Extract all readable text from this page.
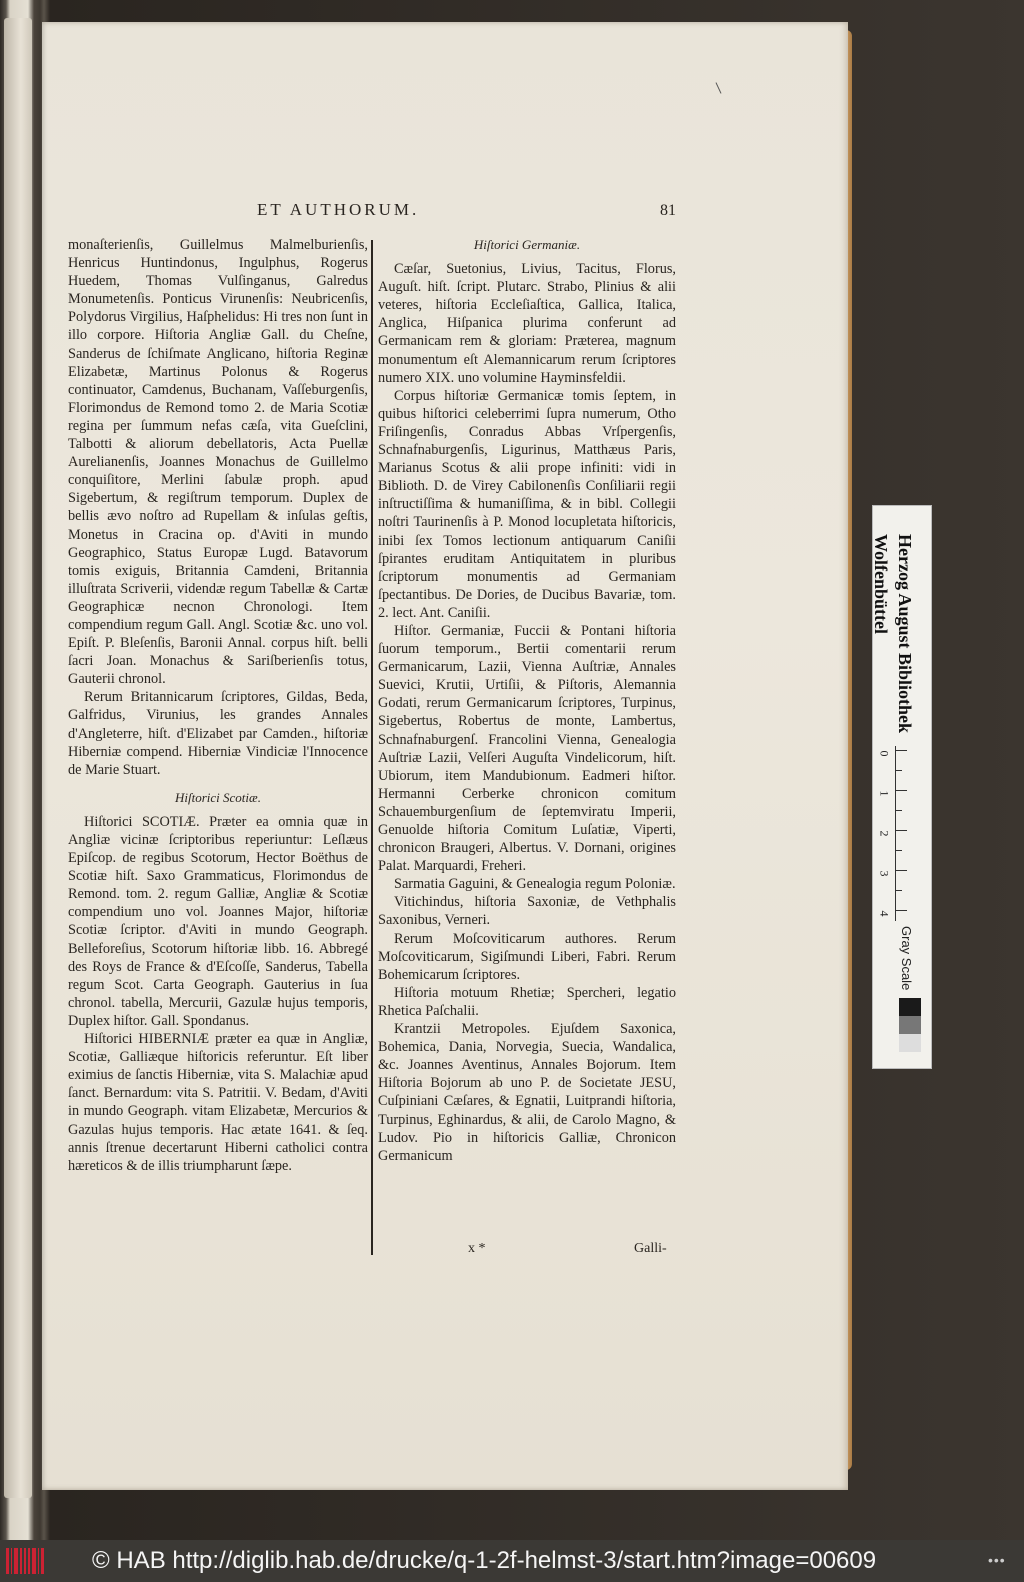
ET AUTHORUM.	81

monaſterienſis, Guillelmus Malmelburienſis, Henricus Huntindonus, Ingulphus, Rogerus Huedem, Thomas Vulſinganus, Galredus Monumetenſis. Ponticus Virunenſis: Neubricenſis, Polydorus Virgilius, Haſphelidus: Hi tres non ſunt in illo corpore. Hiſtoria Angliæ Gall. du Cheſne, Sanderus de ſchiſmate Anglicano, hiſtoria Reginæ Elizabetæ, Martinus Polonus & Rogerus continuator, Camdenus, Buchanam, Vaſſeburgenſis, Florimondus de Remond tomo 2. de Maria Scotiæ regina per ſummum nefas cæſa, vita Gueſclini, Talbotti & aliorum debellatoris, Acta Puellæ Aurelianenſis, Joannes Monachus de Guillelmo conquiſitore, Merlini ſabulæ proph. apud Sigebertum, & regiſtrum temporum. Duplex de bellis ævo noſtro ad Rupellam & inſulas geſtis, Monetus in Cracina op. d'Aviti in mundo Geographico, Status Europæ Lugd. Batavorum tomis exiguis, Britannia Camdeni, Britannia illuſtrata Scriverii, videndæ regum Tabellæ & Cartæ Geographicæ necnon Chronologi. Item compendium regum Gall. Angl. Scotiæ &c. uno vol. Epiſt. P. Bleſenſis, Baronii Annal. corpus hiſt. belli ſacri Joan. Monachus & Sariſberienſis totus, Gauterii chronol.

Rerum Britannicarum ſcriptores, Gildas, Beda, Galfridus, Virunius, les grandes Annales d'Angleterre, hiſt. d'Elizabet par Camden., hiſtoriæ Hiberniæ compend. Hiberniæ Vindiciæ l'Innocence de Marie Stuart.

Hiſtorici Scotiæ.

Hiſtorici SCOTIÆ. Præter ea omnia quæ in Angliæ vicinæ ſcriptoribus reperiuntur: Leſlæus Epiſcop. de regibus Scotorum, Hector Boëthus de Scotiæ hiſt. Saxo Grammaticus, Florimondus de Remond. tom. 2. regum Galliæ, Angliæ & Scotiæ compendium uno vol. Joannes Major, hiſtoriæ Scotiæ ſcriptor. d'Aviti in mundo Geograph. Belleforeſius, Scotorum hiſtoriæ libb. 16. Abbregé des Roys de France & d'Eſcoſſe, Sanderus, Tabella regum Scot. Carta Geograph. Gauterius in ſua chronol. tabella, Mercurii, Gazulæ hujus temporis, Duplex hiſtor. Gall. Spondanus.

Hiſtorici HIBERNIÆ præter ea quæ in Angliæ, Scotiæ, Galliæque hiſtoricis referuntur. Eſt liber eximius de ſanctis Hiberniæ, vita S. Malachiæ apud ſanct. Bernardum: vita S. Patritii. V. Bedam, d'Aviti in mundo Geograph. vitam Elizabetæ, Mercurios & Gazulas hujus temporis. Hac ætate 1641. & ſeq. annis ſtrenue decertarunt Hiberni catholici contra hæreticos & de illis triumpharunt ſæpe.

Hiſtorici Germaniæ.

Cæſar, Suetonius, Livius, Tacitus, Florus, Auguſt. hiſt. ſcript. Plutarc. Strabo, Plinius & alii veteres, hiſtoria Eccleſiaſtica, Gallica, Italica, Anglica, Hiſpanica plurima conferunt ad Germanicam rem & gloriam: Præterea, magnum monumentum eſt Alemannicarum rerum ſcriptores numero XIX. uno volumine Hayminsfeldii.

Corpus hiſtoriæ Germanicæ tomis ſeptem, in quibus hiſtorici celeberrimi ſupra numerum, Otho Friſingenſis, Conradus Abbas Vrſpergenſis, Schnafnaburgenſis, Ligurinus, Matthæus Paris, Marianus Scotus & alii prope infiniti: vidi in Biblioth. D. de Virey Cabilonenſis Conſiliarii regii inſtructiſſima & humaniſſima, & in bibl. Collegii noſtri Taurinenſis à P. Monod locupletata hiſtoricis, inibi ſex Tomos lectionum antiquarum Caniſii ſpirantes eruditam Antiquitatem in pluribus ſcriptorum monumentis ad Germaniam ſpectantibus. De Dories, de Ducibus Bavariæ, tom. 2. lect. Ant. Caniſii.

Hiſtor. Germaniæ, Fuccii & Pontani hiſtoria ſuorum temporum., Bertii comentarii rerum Germanicarum, Lazii, Vienna Auſtriæ, Annales Suevici, Krutii, Urtiſii, & Piſtoris, Alemannia Godati, rerum Germanicarum ſcriptores, Turpinus, Sigebertus, Robertus de monte, Lambertus, Schnafnaburgenſ. Francolini Vienna, Genealogia Auſtriæ Lazii, Velſeri Auguſta Vindelicorum, hiſt. Ubiorum, item Mandubionum. Eadmeri hiſtor. Hermanni Cerberke chronicon comitum Schauemburgenſium de ſeptemviratu Imperii, Genuolde hiſtoria Comitum Luſatiæ, Viperti, chronicon Braugeri, Albertus. V. Dornani, origines Palat. Marquardi, Freheri.

Sarmatia Gaguini, & Genealogia regum Poloniæ.

Vitichindus, hiſtoria Saxoniæ, de Vethphalis Saxonibus, Verneri.

Rerum Moſcoviticarum authores. Rerum Moſcoviticarum, Sigiſmundi Liberi, Fabri. Rerum Bohemicarum ſcriptores.

Hiſtoria motuum Rhetiæ; Spercheri, legatio Rhetica Paſchalii.

Krantzii Metropoles. Ejuſdem Saxonica, Bohemica, Dania, Norvegia, Suecia, Wandalica, &c. Joannes Aventinus, Annales Bojorum. Item Hiſtoria Bojorum ab uno P. de Societate JESU, Cuſpiniani Cæſares, & Egnatii, Luitprandi hiſtoria, Turpinus, Eghinardus, & alii, de Carolo Magno, & Ludov. Pio in hiſtoricis Galliæ, Chronicon Germanicum

x *	Galli-
Herzog August Bibliothek
Wolfenbüttel
0
1
2
3
4
Gray Scale
© HAB http://diglib.hab.de/drucke/q-1-2f-helmst-3/start.htm?image=00609	•••
